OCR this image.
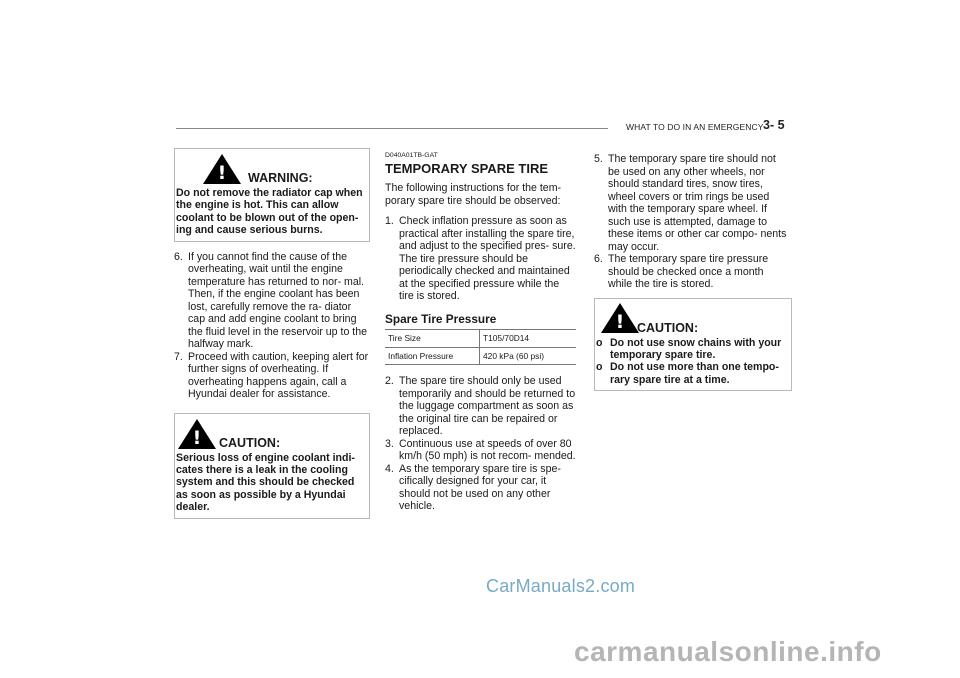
WHAT TO DO IN AN EMERGENCY 3- 5
!	WARNING:
Do not remove the radiator cap when the engine is hot. This can allow coolant to be blown out of the open- ing and cause serious burns.
6. If you cannot find the cause of the overheating, wait until the engine temperature has returned to nor- mal. Then, if the engine coolant has been lost, carefully remove the ra- diator cap and add engine coolant to bring the fluid level in the reservoir up to the halfway mark.
7. Proceed with caution, keeping alert for further signs of overheating. If overheating happens again, call a Hyundai dealer for assistance.
!	CAUTION:
Serious loss of engine coolant indi- cates there is a leak in the cooling system and this should be checked as soon as possible by a Hyundai dealer.
D040A01TB-GAT
TEMPORARY SPARE TIRE
The following instructions for the tem- porary spare tire should be observed:
1. Check inflation pressure as soon as practical after installing the spare tire, and adjust to the specified pres- sure. The tire pressure should be periodically checked and maintained at the specified pressure while the tire is stored.
Spare Tire Pressure
Tire Size	T105/70D14
Inflation Pressure	420 kPa (60 psi)
2. The spare tire should only be used temporarily and should be returned to the luggage compartment as soon as the original tire can be repaired or replaced.
3. Continuous use at speeds of over 80 km/h (50 mph) is not recom- mended.
4. As the temporary spare tire is spe- cifically designed for your car, it should not be used on any other vehicle.
5. The temporary spare tire should not be used on any other wheels, nor should standard tires, snow tires, wheel covers or trim rings be used with the temporary spare wheel. If such use is attempted, damage to these items or other car compo- nents may occur.
6. The temporary spare tire pressure should be checked once a month while the tire is stored.
!	CAUTION:
o Do not use snow chains with your temporary spare tire.
o Do not use more than one tempo- rary spare tire at a time.
CarManuals2.com
carmanualsonline.info
